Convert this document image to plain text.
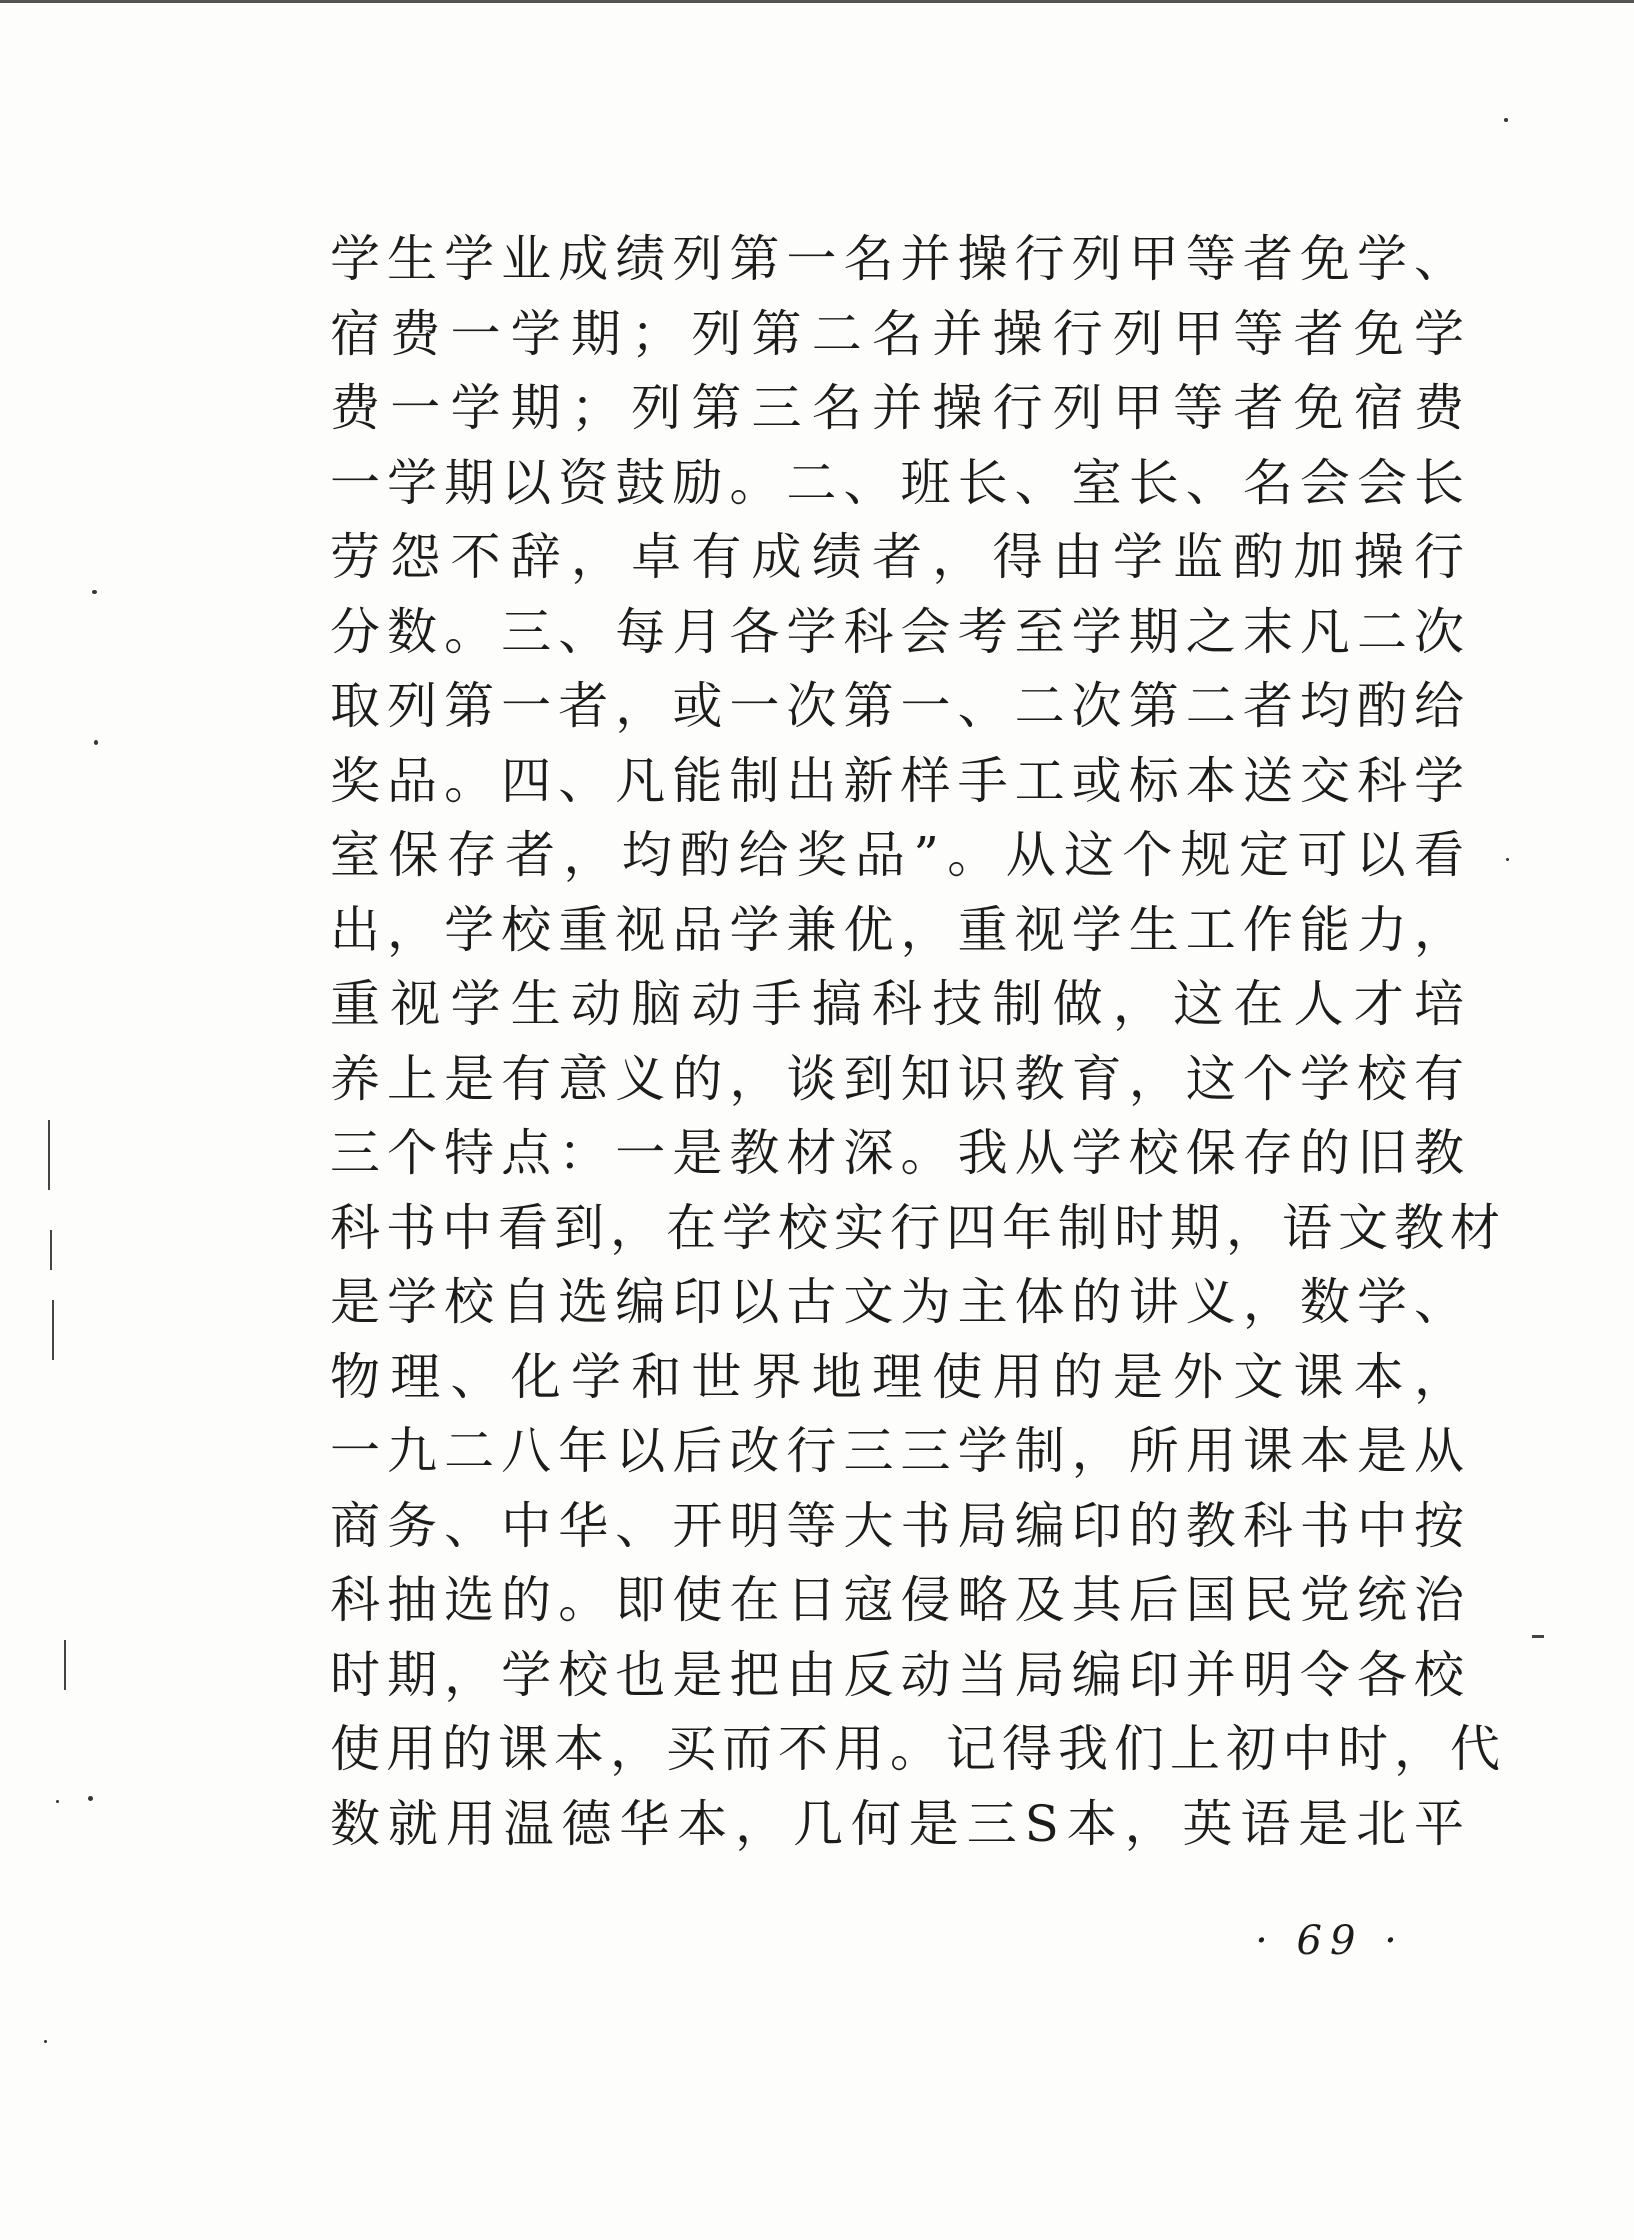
学生学业成绩列第一名并操行列甲等者免学、
宿费一学期；列第二名并操行列甲等者免学
费一学期；列第三名并操行列甲等者免宿费
一学期以资鼓励。二、班长、室长、名会会长
劳怨不辞，卓有成绩者，得由学监酌加操行
分数。三、每月各学科会考至学期之末凡二次
取列第一者，或一次第一、二次第二者均酌给
奖品。四、凡能制出新样手工或标本送交科学
室保存者，均酌给奖品”。从这个规定可以看
出，学校重视品学兼优，重视学生工作能力，
重视学生动脑动手搞科技制做，这在人才培
养上是有意义的，谈到知识教育，这个学校有
三个特点：一是教材深。我从学校保存的旧教
科书中看到，在学校实行四年制时期，语文教材
是学校自选编印以古文为主体的讲义，数学、
物理、化学和世界地理使用的是外文课本，
一九二八年以后改行三三学制，所用课本是从
商务、中华、开明等大书局编印的教科书中按
科抽选的。即使在日寇侵略及其后国民党统治
时期，学校也是把由反动当局编印并明令各校
使用的课本，买而不用。记得我们上初中时，代
数就用温德华本，几何是三S本，英语是北平
· 69 ·
